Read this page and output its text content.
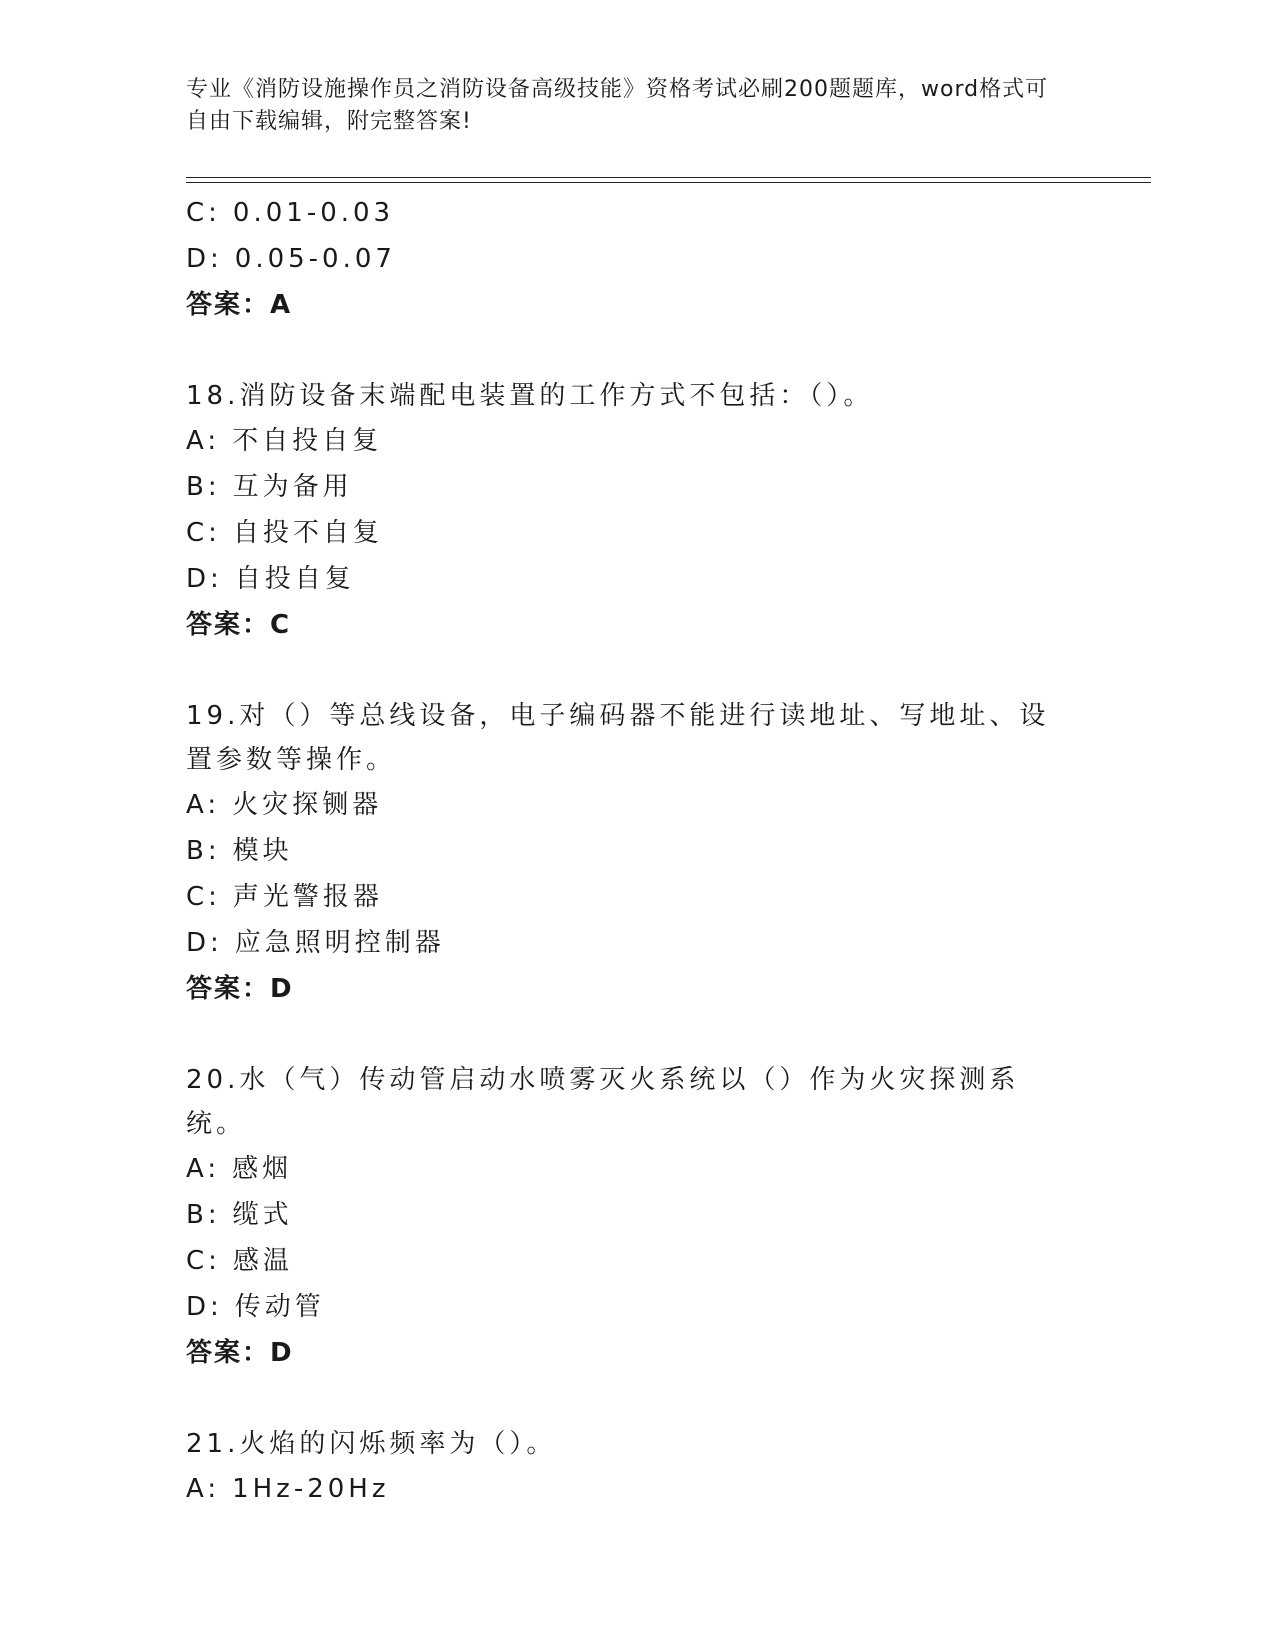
专业《消防设施操作员之消防设备高级技能》资格考试必刷200题题库，word格式可自由下载编辑，附完整答案!
C: 0.01-0.03
D: 0.05-0.07
答案：A
18.消防设备末端配电装置的工作方式不包括：（）。
A: 不自投自复
B: 互为备用
C: 自投不自复
D: 自投自复
答案：C
19.对（）等总线设备，电子编码器不能进行读地址、写地址、设置参数等操作。
A: 火灾探铡器
B: 模块
C: 声光警报器
D: 应急照明控制器
答案：D
20.水（气）传动管启动水喷雾灭火系统以（）作为火灾探测系统。
A: 感烟
B: 缆式
C: 感温
D: 传动管
答案：D
21.火焰的闪烁频率为（）。
A: 1Hz-20Hz
